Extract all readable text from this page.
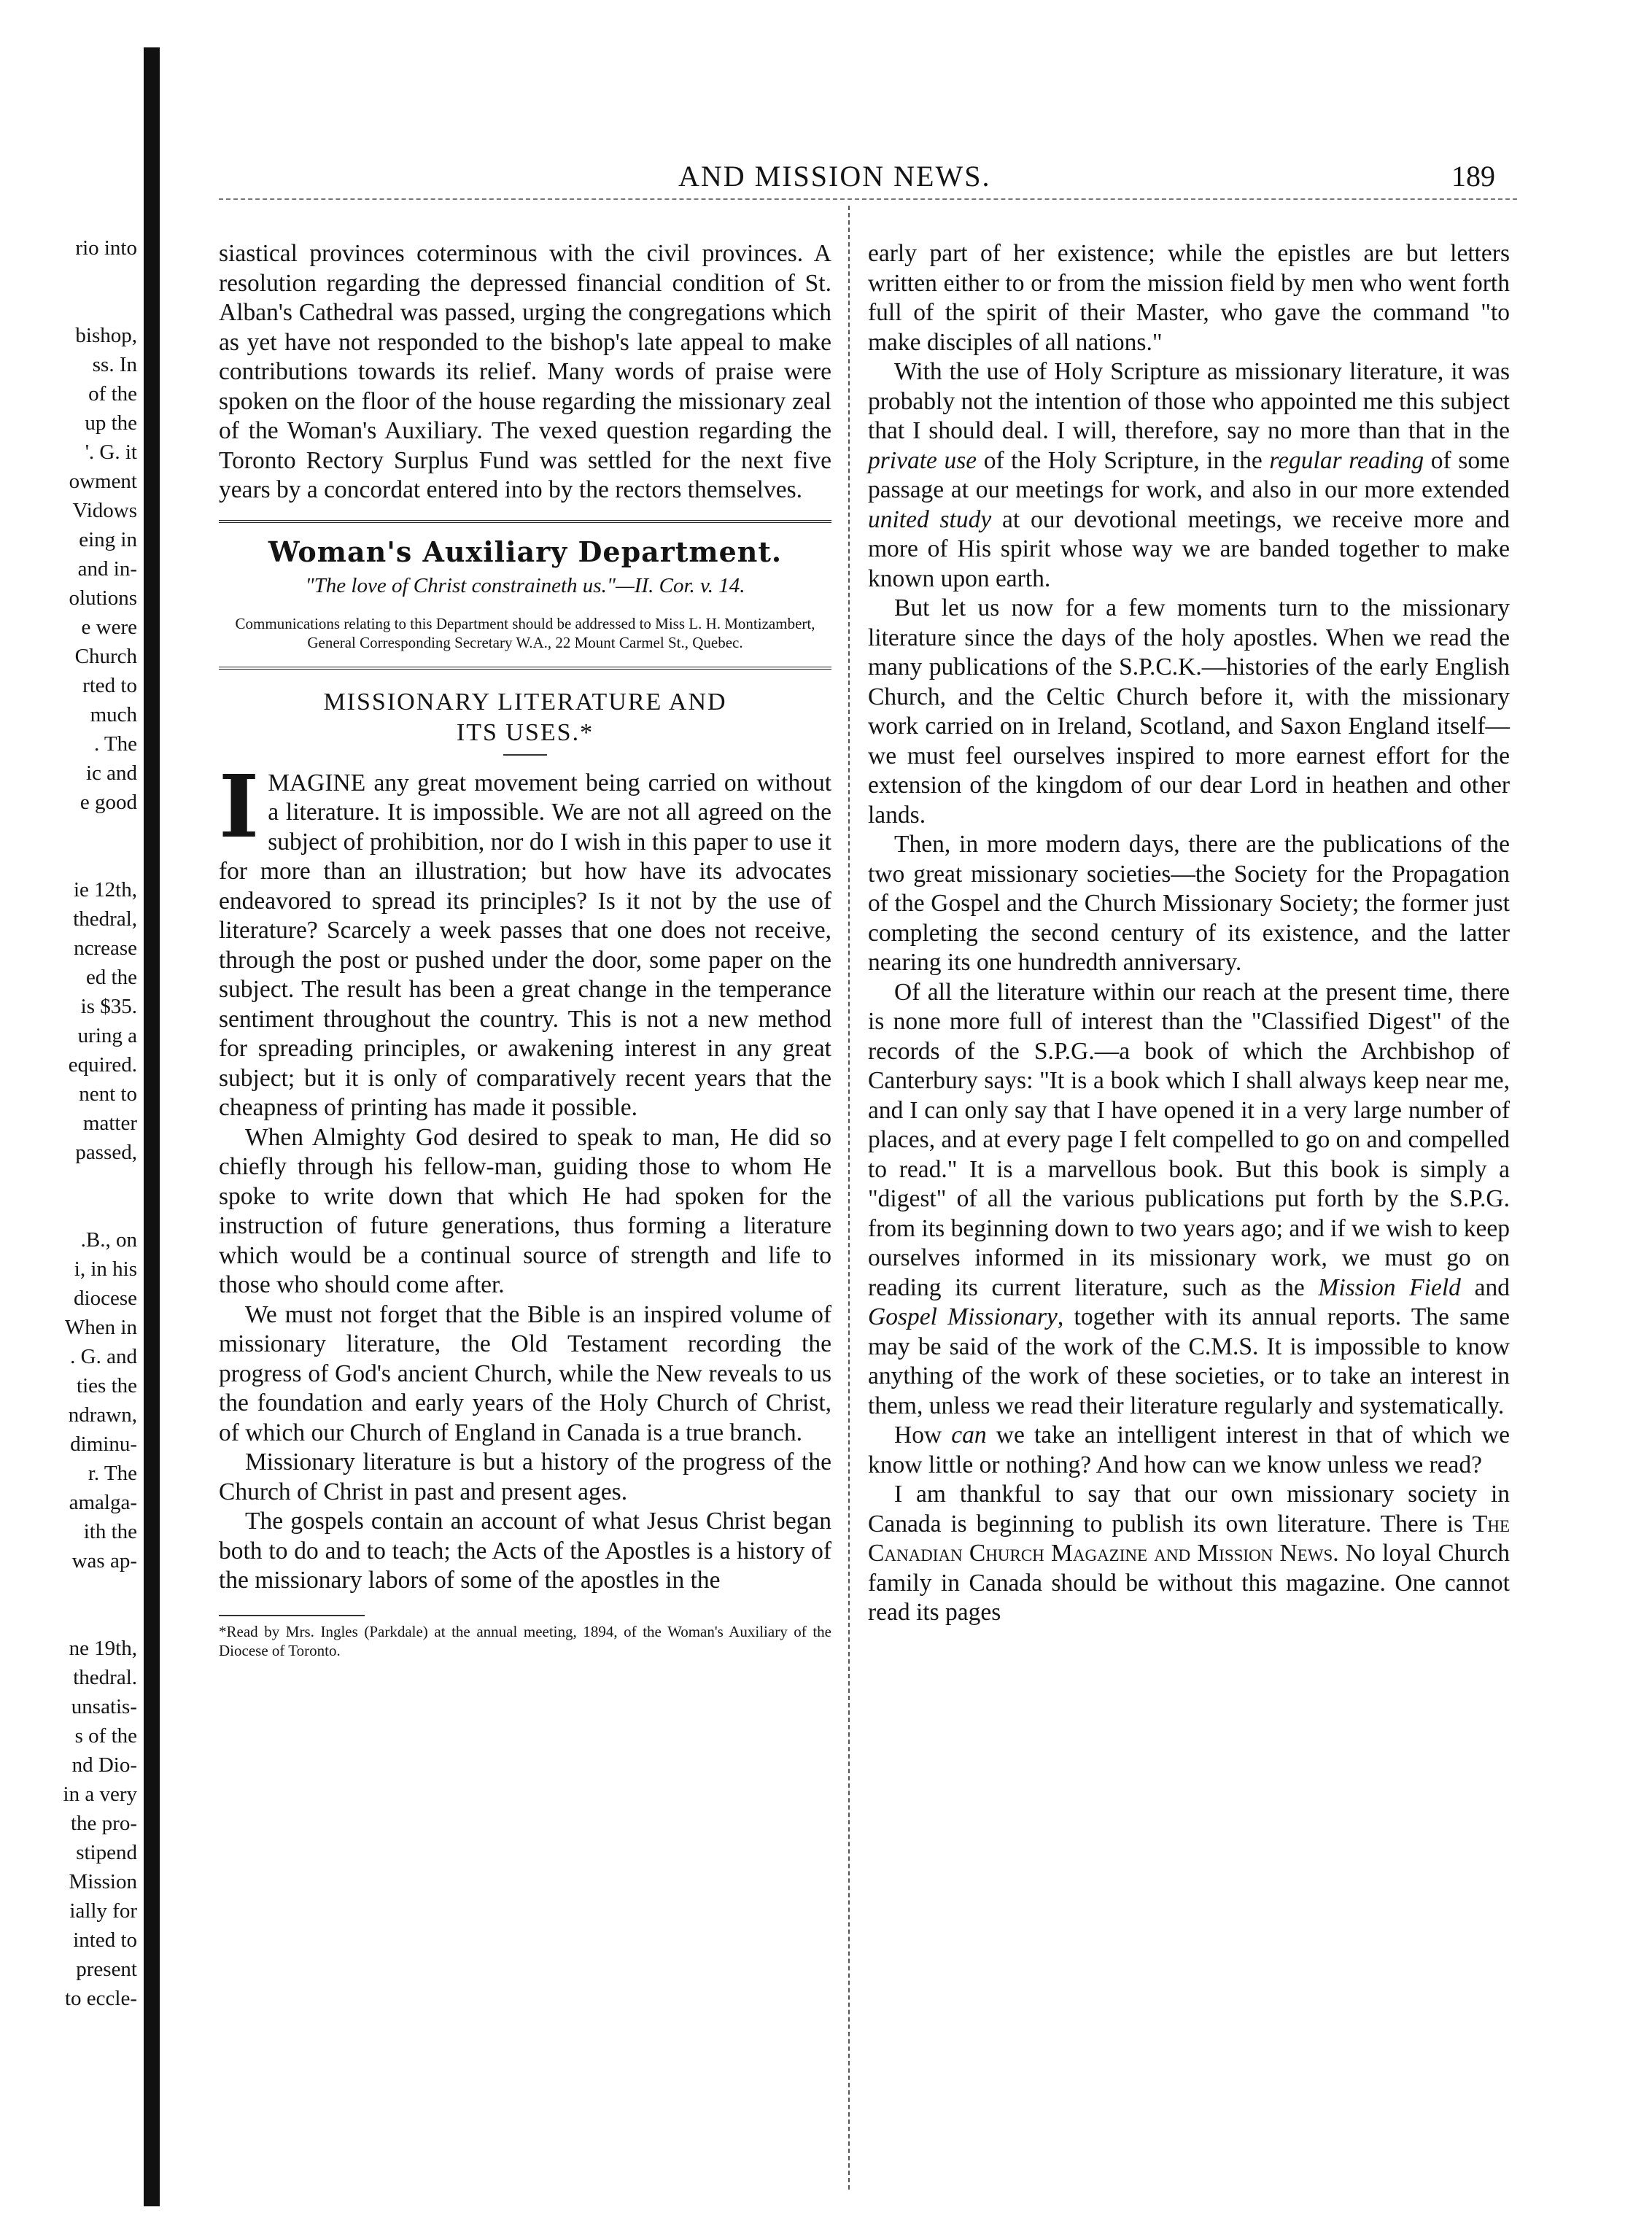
rio into
bishop,
ss. In
of the
up the
'. G. it
owment
Vidows
eing in
and in-
olutions
e were
Church
rted to
much
. The
ic and
e good
ie 12th,
thedral,
ncrease
ed the
is $35.
uring a
equired.
nent to
matter
passed,
.B., on
i, in his
diocese
When in
. G. and
ties the
ndrawn,
diminu-
r. The
amalga-
ith the
was ap-
ne 19th,
thedral.
unsatis-
s of the
nd Dio-
in a very
the pro-
stipend
Mission
ially for
inted to
present
to eccle-
AND MISSION NEWS.	189

siastical provinces coterminous with the civil provinces. A resolution regarding the depressed financial condition of St. Alban's Cathedral was passed, urging the congregations which as yet have not responded to the bishop's late appeal to make contributions towards its relief. Many words of praise were spoken on the floor of the house regarding the missionary zeal of the Woman's Auxiliary. The vexed question regarding the Toronto Rectory Surplus Fund was settled for the next five years by a concordat entered into by the rectors themselves.

Woman's Auxiliary Department.
"The love of Christ constraineth us."—II. Cor. v. 14.
Communications relating to this Department should be addressed to Miss L. H. Montizambert, General Corresponding Secretary W.A., 22 Mount Carmel St., Quebec.
MISSIONARY LITERATURE AND
ITS USES.*

IMAGINE any great movement being carried on without a literature. It is impossible. We are not all agreed on the subject of prohibition, nor do I wish in this paper to use it for more than an illustration; but how have its advocates endeavored to spread its principles? Is it not by the use of literature? Scarcely a week passes that one does not receive, through the post or pushed under the door, some paper on the subject. The result has been a great change in the temperance sentiment throughout the country. This is not a new method for spreading principles, or awakening interest in any great subject; but it is only of comparatively recent years that the cheapness of printing has made it possible.

When Almighty God desired to speak to man, He did so chiefly through his fellow-man, guiding those to whom He spoke to write down that which He had spoken for the instruction of future generations, thus forming a literature which would be a continual source of strength and life to those who should come after.

We must not forget that the Bible is an inspired volume of missionary literature, the Old Testament recording the progress of God's ancient Church, while the New reveals to us the foundation and early years of the Holy Church of Christ, of which our Church of England in Canada is a true branch.

Missionary literature is but a history of the progress of the Church of Christ in past and present ages.

The gospels contain an account of what Jesus Christ began both to do and to teach; the Acts of the Apostles is a history of the missionary labors of some of the apostles in the

*Read by Mrs. Ingles (Parkdale) at the annual meeting, 1894, of the Woman's Auxiliary of the Diocese of Toronto.

early part of her existence; while the epistles are but letters written either to or from the mission field by men who went forth full of the spirit of their Master, who gave the command "to make disciples of all nations."

With the use of Holy Scripture as missionary literature, it was probably not the intention of those who appointed me this subject that I should deal. I will, therefore, say no more than that in the private use of the Holy Scripture, in the regular reading of some passage at our meetings for work, and also in our more extended united study at our devotional meetings, we receive more and more of His spirit whose way we are banded together to make known upon earth.

But let us now for a few moments turn to the missionary literature since the days of the holy apostles. When we read the many publications of the S.P.C.K.—histories of the early English Church, and the Celtic Church before it, with the missionary work carried on in Ireland, Scotland, and Saxon England itself—we must feel ourselves inspired to more earnest effort for the extension of the kingdom of our dear Lord in heathen and other lands.

Then, in more modern days, there are the publications of the two great missionary societies—the Society for the Propagation of the Gospel and the Church Missionary Society; the former just completing the second century of its existence, and the latter nearing its one hundredth anniversary.

Of all the literature within our reach at the present time, there is none more full of interest than the "Classified Digest" of the records of the S.P.G.—a book of which the Archbishop of Canterbury says: "It is a book which I shall always keep near me, and I can only say that I have opened it in a very large number of places, and at every page I felt compelled to go on and compelled to read." It is a marvellous book. But this book is simply a "digest" of all the various publications put forth by the S.P.G. from its beginning down to two years ago; and if we wish to keep ourselves informed in its missionary work, we must go on reading its current literature, such as the Mission Field and Gospel Missionary, together with its annual reports. The same may be said of the work of the C.M.S. It is impossible to know anything of the work of these societies, or to take an interest in them, unless we read their literature regularly and systematically.

How can we take an intelligent interest in that of which we know little or nothing? And how can we know unless we read?

I am thankful to say that our own missionary society in Canada is beginning to publish its own literature. There is The Canadian Church Magazine and Mission News. No loyal Church family in Canada should be without this magazine. One cannot read its pages
